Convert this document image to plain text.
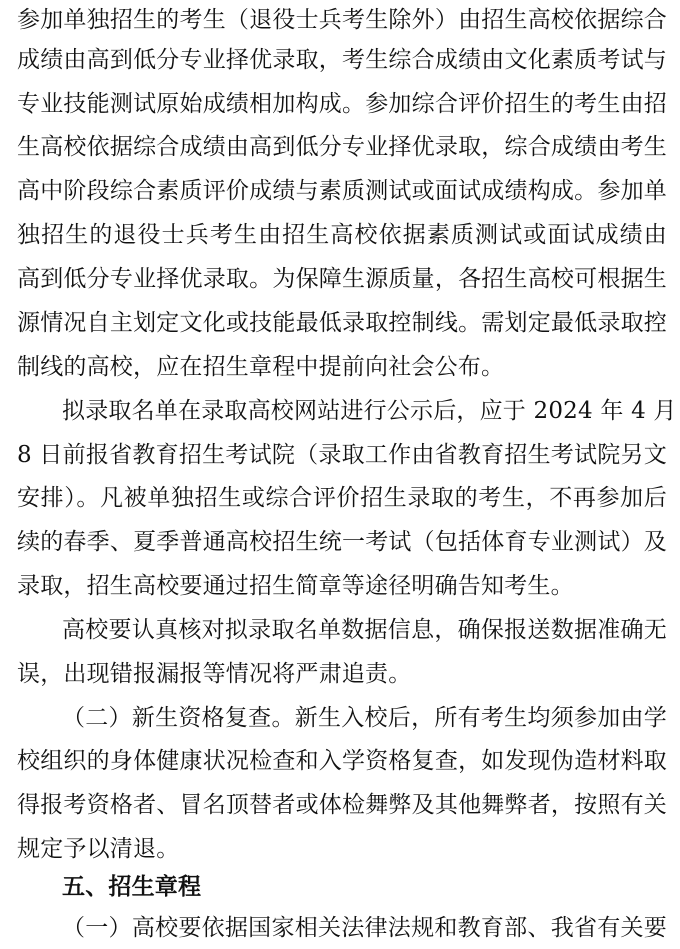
参加单独招生的考生（退役士兵考生除外）由招生高校依据综合
成绩由高到低分专业择优录取，考生综合成绩由文化素质考试与
专业技能测试原始成绩相加构成。参加综合评价招生的考生由招
生高校依据综合成绩由高到低分专业择优录取，综合成绩由考生
高中阶段综合素质评价成绩与素质测试或面试成绩构成。参加单
独招生的退役士兵考生由招生高校依据素质测试或面试成绩由
高到低分专业择优录取。为保障生源质量，各招生高校可根据生
源情况自主划定文化或技能最低录取控制线。需划定最低录取控
制线的高校，应在招生章程中提前向社会公布。
拟录取名单在录取高校网站进行公示后，应于 2024 年 4 月
8 日前报省教育招生考试院（录取工作由省教育招生考试院另文
安排）。凡被单独招生或综合评价招生录取的考生，不再参加后
续的春季、夏季普通高校招生统一考试（包括体育专业测试）及
录取，招生高校要通过招生简章等途径明确告知考生。
高校要认真核对拟录取名单数据信息，确保报送数据准确无
误，出现错报漏报等情况将严肃追责。
（二）新生资格复查。新生入校后，所有考生均须参加由学
校组织的身体健康状况检查和入学资格复查，如发现伪造材料取
得报考资格者、冒名顶替者或体检舞弊及其他舞弊者，按照有关
规定予以清退。
五、招生章程
（一）高校要依据国家相关法律法规和教育部、我省有关要
